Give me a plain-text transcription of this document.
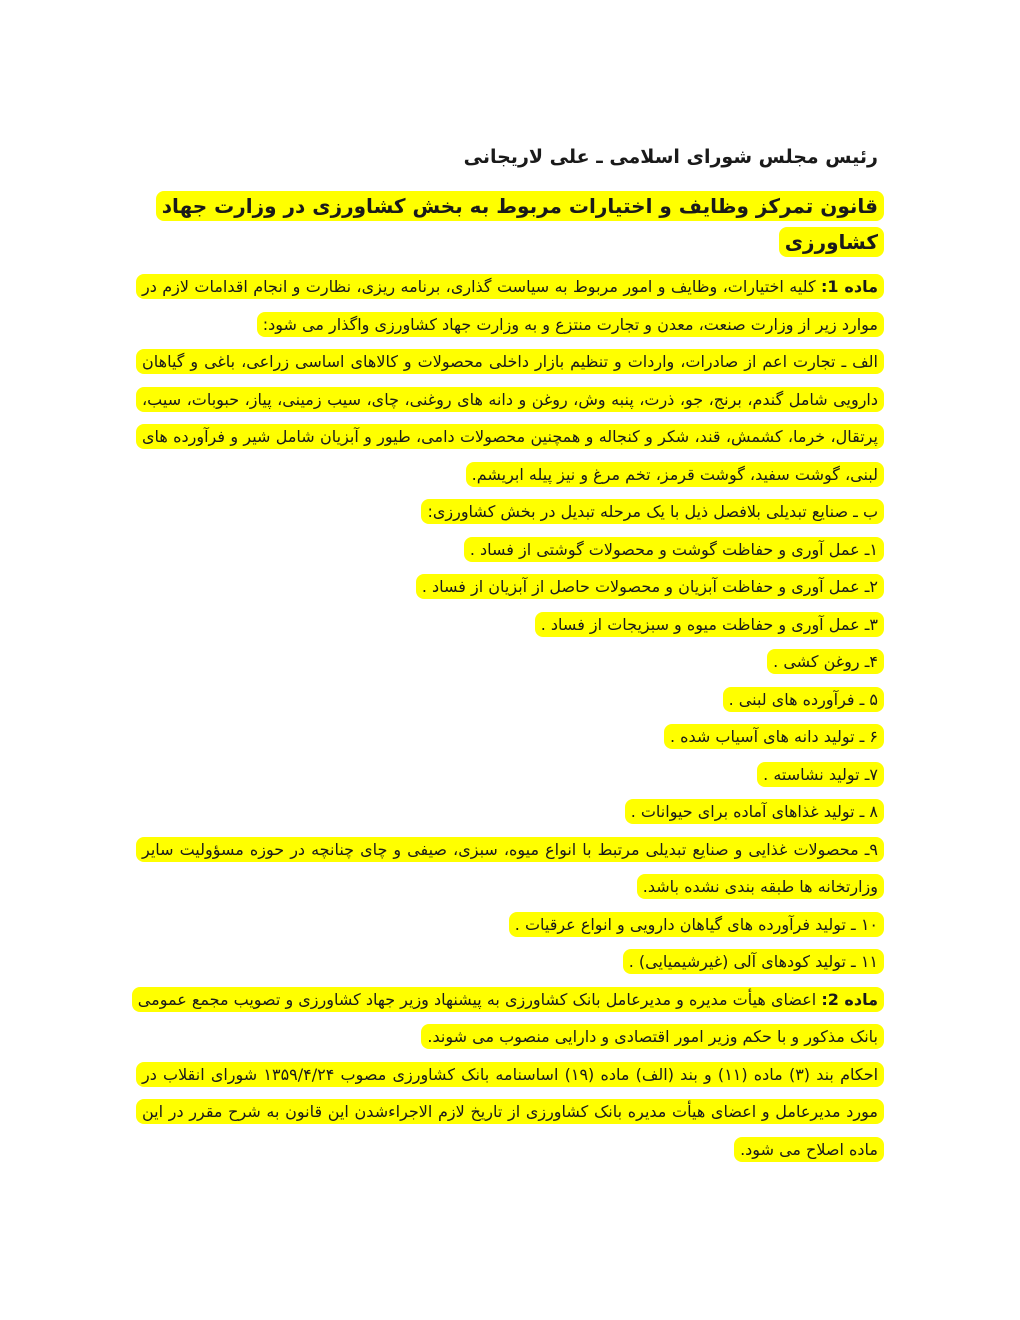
رئیس مجلس شورای اسلامی ـ علی لاریجانی

قانون تمرکز وظایف و اختیارات مربوط به بخش کشاورزی در وزارت جهاد کشاورزی

ماده 1: کلیه اختیارات، وظایف و امور مربوط به سیاست گذاری، برنامه ریزی، نظارت و انجام اقدامات لازم در موارد زیر از وزارت صنعت، معدن و تجارت منتزع و به وزارت جهاد کشاورزی واگذار می شود:

الف ـ تجارت اعم از صادرات، واردات و تنظیم بازار داخلی محصولات و کالاهای اساسی زراعی، باغی و گیاهان دارویی شامل گندم، برنج، جو، ذرت، پنبه وش، روغن و دانه های روغنی، چای، سیب زمینی، پیاز، حبوبات، سیب، پرتقال، خرما، کشمش، قند، شکر و کنجاله و همچنین محصولات دامی، طیور و آبزیان شامل شیر و فرآورده های لبنی، گوشت سفید، گوشت قرمز، تخم مرغ و نیز پیله ابریشم.

ب ـ صنایع تبدیلی بلافصل ذیل با یک مرحله تبدیل در بخش کشاورزی:

۱ـ عمل آوری و حفاظت گوشت و محصولات گوشتی از فساد .

۲ـ عمل آوری و حفاظت آبزیان و محصولات حاصل از آبزیان از فساد .

۳ـ عمل آوری و حفاظت میوه و سبزیجات از فساد .

۴ـ روغن کشی .

۵ ـ فرآورده های لبنی .

۶ ـ تولید دانه های آسیاب شده .

۷ـ تولید نشاسته .

۸ ـ تولید غذاهای آماده برای حیوانات .

۹ـ محصولات غذایی و صنایع تبدیلی مرتبط با انواع میوه، سبزی، صیفی و چای چنانچه در حوزه مسؤولیت سایر وزارتخانه ها طبقه بندی نشده باشد.

۱۰ ـ تولید فرآورده های گیاهان دارویی و انواع عرقیات .

۱۱ ـ تولید کودهای آلی (غیرشیمیایی) .

ماده 2: اعضای هیأت مدیره و مدیرعامل بانک کشاورزی به پیشنهاد وزیر جهاد کشاورزی و تصویب مجمع عمومی بانک مذکور و با حکم وزیر امور اقتصادی و دارایی منصوب می شوند.

احکام بند (۳) ماده (۱۱) و بند (الف) ماده (۱۹) اساسنامه بانک کشاورزی مصوب ۱۳۵۹/۴/۲۴ شورای انقلاب در مورد مدیرعامل و اعضای هیأت مدیره بانک کشاورزی از تاریخ لازم الاجراءشدن این قانون به شرح مقرر در این ماده اصلاح می شود.
